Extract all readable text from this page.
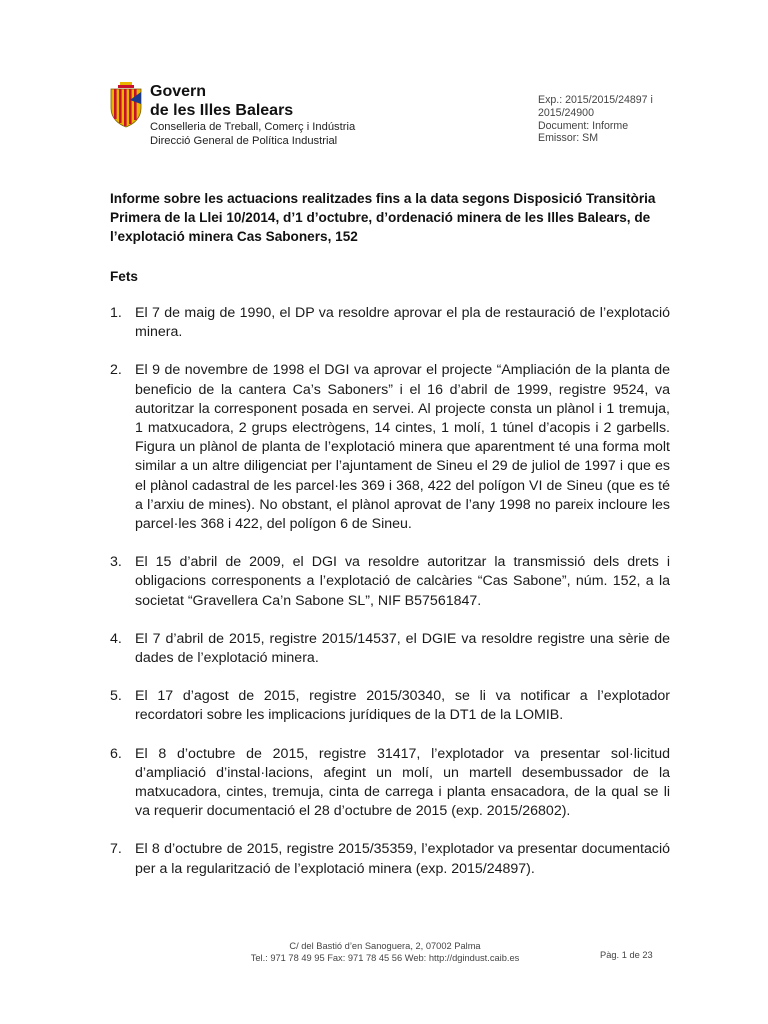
Govern
de les Illes Balears
Conselleria de Treball, Comerç i Indústria
Direcció General de Política Industrial
Exp.: 2015/2015/24897 i
2015/24900
Document: Informe
Emissor: SM
Informe sobre les actuacions realitzades fins a la data segons Disposició Transitòria Primera de la Llei 10/2014, d’1 d’octubre, d’ordenació minera de les Illes Balears, de l’explotació minera Cas Saboners, 152
Fets
1. El 7 de maig de 1990, el DP va resoldre aprovar el pla de restauració de l’explotació minera.
2. El 9 de novembre de 1998 el DGI va aprovar el projecte “Ampliación de la planta de beneficio de la cantera Ca’s Saboners” i el 16 d’abril de 1999, registre 9524, va autoritzar la corresponent posada en servei. Al projecte consta un plànol i 1 tremuja, 1 matxucadora, 2 grups electrògens, 14 cintes, 1 molí, 1 túnel d’acopis i 2 garbells. Figura un plànol de planta de l’explotació minera que aparentment té una forma molt similar a un altre diligenciat per l’ajuntament de Sineu el 29 de juliol de 1997 i que es el plànol cadastral de les parcel·les 369 i 368, 422 del polígon VI de Sineu (que es té a l’arxiu de mines). No obstant, el plànol aprovat de l’any 1998 no pareix incloure les parcel·les 368 i 422, del polígon 6 de Sineu.
3. El 15 d’abril de 2009, el DGI va resoldre autoritzar la transmissió dels drets i obligacions corresponents a l’explotació de calcàries “Cas Sabone”, núm. 152, a la societat “Gravellera Ca’n Sabone SL”, NIF B57561847.
4. El 7 d’abril de 2015, registre 2015/14537, el DGIE va resoldre registre una sèrie de dades de l’explotació minera.
5. El 17 d’agost de 2015, registre 2015/30340, se li va notificar a l’explotador recordatori sobre les implicacions jurídiques de la DT1 de la LOMIB.
6. El 8 d’octubre de 2015, registre 31417, l’explotador va presentar sol·licitud d’ampliació d’instal·lacions, afegint un molí, un martell desembussador de la matxucadora, cintes, tremuja, cinta de carrega i planta ensacadora, de la qual se li va requerir documentació el 28 d’octubre de 2015 (exp. 2015/26802).
7. El 8 d’octubre de 2015, registre 2015/35359, l’explotador va presentar documentació per a la regularització de l’explotació minera (exp. 2015/24897).
C/ del Bastió d’en Sanoguera, 2, 07002 Palma
Tel.: 971 78 49 95 Fax: 971 78 45 56 Web: http://dgindust.caib.es	Pàg. 1 de 23
